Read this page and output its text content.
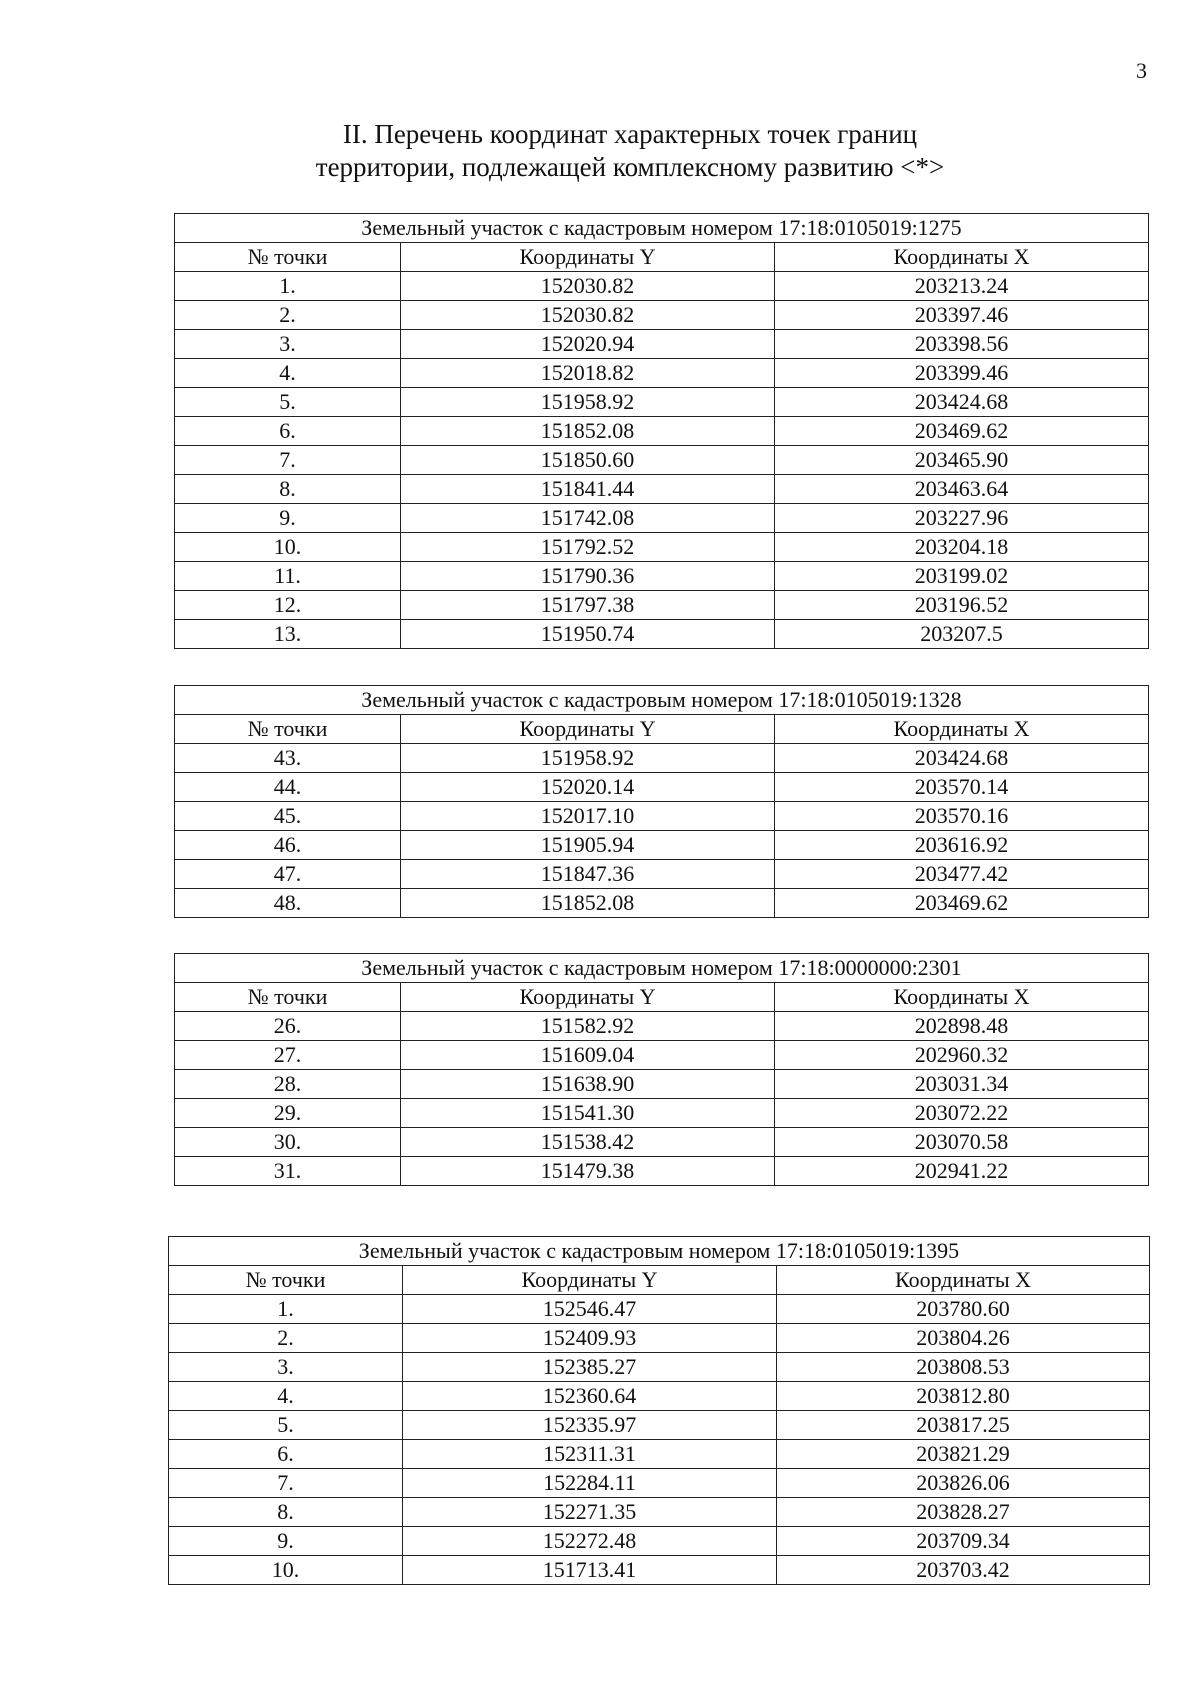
3
II. Перечень координат характерных точек границ
территории, подлежащей комплексному развитию <*>
Земельный участок с кадастровым номером 17:18:0105019:1275		
№ точки	Координаты Y	Координаты X
1.	152030.82	203213.24
2.	152030.82	203397.46
3.	152020.94	203398.56
4.	152018.82	203399.46
5.	151958.92	203424.68
6.	151852.08	203469.62
7.	151850.60	203465.90
8.	151841.44	203463.64
9.	151742.08	203227.96
10.	151792.52	203204.18
11.	151790.36	203199.02
12.	151797.38	203196.52
13.	151950.74	203207.5
Земельный участок с кадастровым номером 17:18:0105019:1328		
№ точки	Координаты Y	Координаты X
43.	151958.92	203424.68
44.	152020.14	203570.14
45.	152017.10	203570.16
46.	151905.94	203616.92
47.	151847.36	203477.42
48.	151852.08	203469.62
Земельный участок с кадастровым номером 17:18:0000000:2301		
№ точки	Координаты Y	Координаты X
26.	151582.92	202898.48
27.	151609.04	202960.32
28.	151638.90	203031.34
29.	151541.30	203072.22
30.	151538.42	203070.58
31.	151479.38	202941.22
Земельный участок с кадастровым номером 17:18:0105019:1395		
№ точки	Координаты Y	Координаты X
1.	152546.47	203780.60
2.	152409.93	203804.26
3.	152385.27	203808.53
4.	152360.64	203812.80
5.	152335.97	203817.25
6.	152311.31	203821.29
7.	152284.11	203826.06
8.	152271.35	203828.27
9.	152272.48	203709.34
10.	151713.41	203703.42
